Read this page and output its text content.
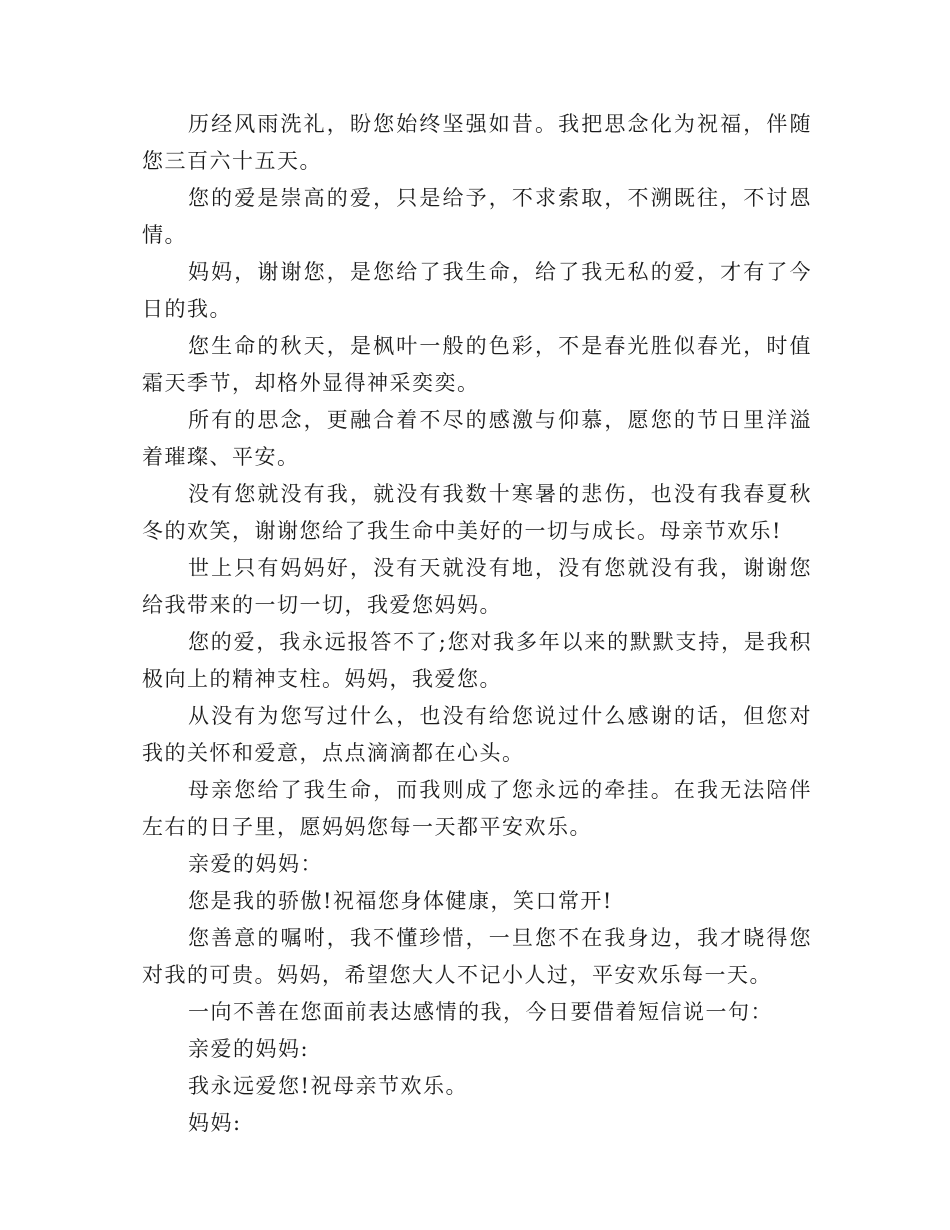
历经风雨洗礼，盼您始终坚强如昔。我把思念化为祝福，伴随您三百六十五天。

您的爱是崇高的爱，只是给予，不求索取，不溯既往，不讨恩情。

妈妈，谢谢您，是您给了我生命，给了我无私的爱，才有了今日的我。

您生命的秋天，是枫叶一般的色彩，不是春光胜似春光，时值霜天季节，却格外显得神采奕奕。

所有的思念，更融合着不尽的感激与仰慕，愿您的节日里洋溢着璀璨、平安。

没有您就没有我，就没有我数十寒暑的悲伤，也没有我春夏秋冬的欢笑，谢谢您给了我生命中美好的一切与成长。母亲节欢乐!

世上只有妈妈好，没有天就没有地，没有您就没有我，谢谢您给我带来的一切一切，我爱您妈妈。

您的爱，我永远报答不了;您对我多年以来的默默支持，是我积极向上的精神支柱。妈妈，我爱您。

从没有为您写过什么，也没有给您说过什么感谢的话，但您对我的关怀和爱意，点点滴滴都在心头。

母亲您给了我生命，而我则成了您永远的牵挂。在我无法陪伴左右的日子里，愿妈妈您每一天都平安欢乐。

亲爱的妈妈：

您是我的骄傲!祝福您身体健康，笑口常开!

您善意的嘱咐，我不懂珍惜，一旦您不在我身边，我才晓得您对我的可贵。妈妈，希望您大人不记小人过，平安欢乐每一天。

一向不善在您面前表达感情的我，今日要借着短信说一句：

亲爱的妈妈:

我永远爱您!祝母亲节欢乐。

妈妈:
